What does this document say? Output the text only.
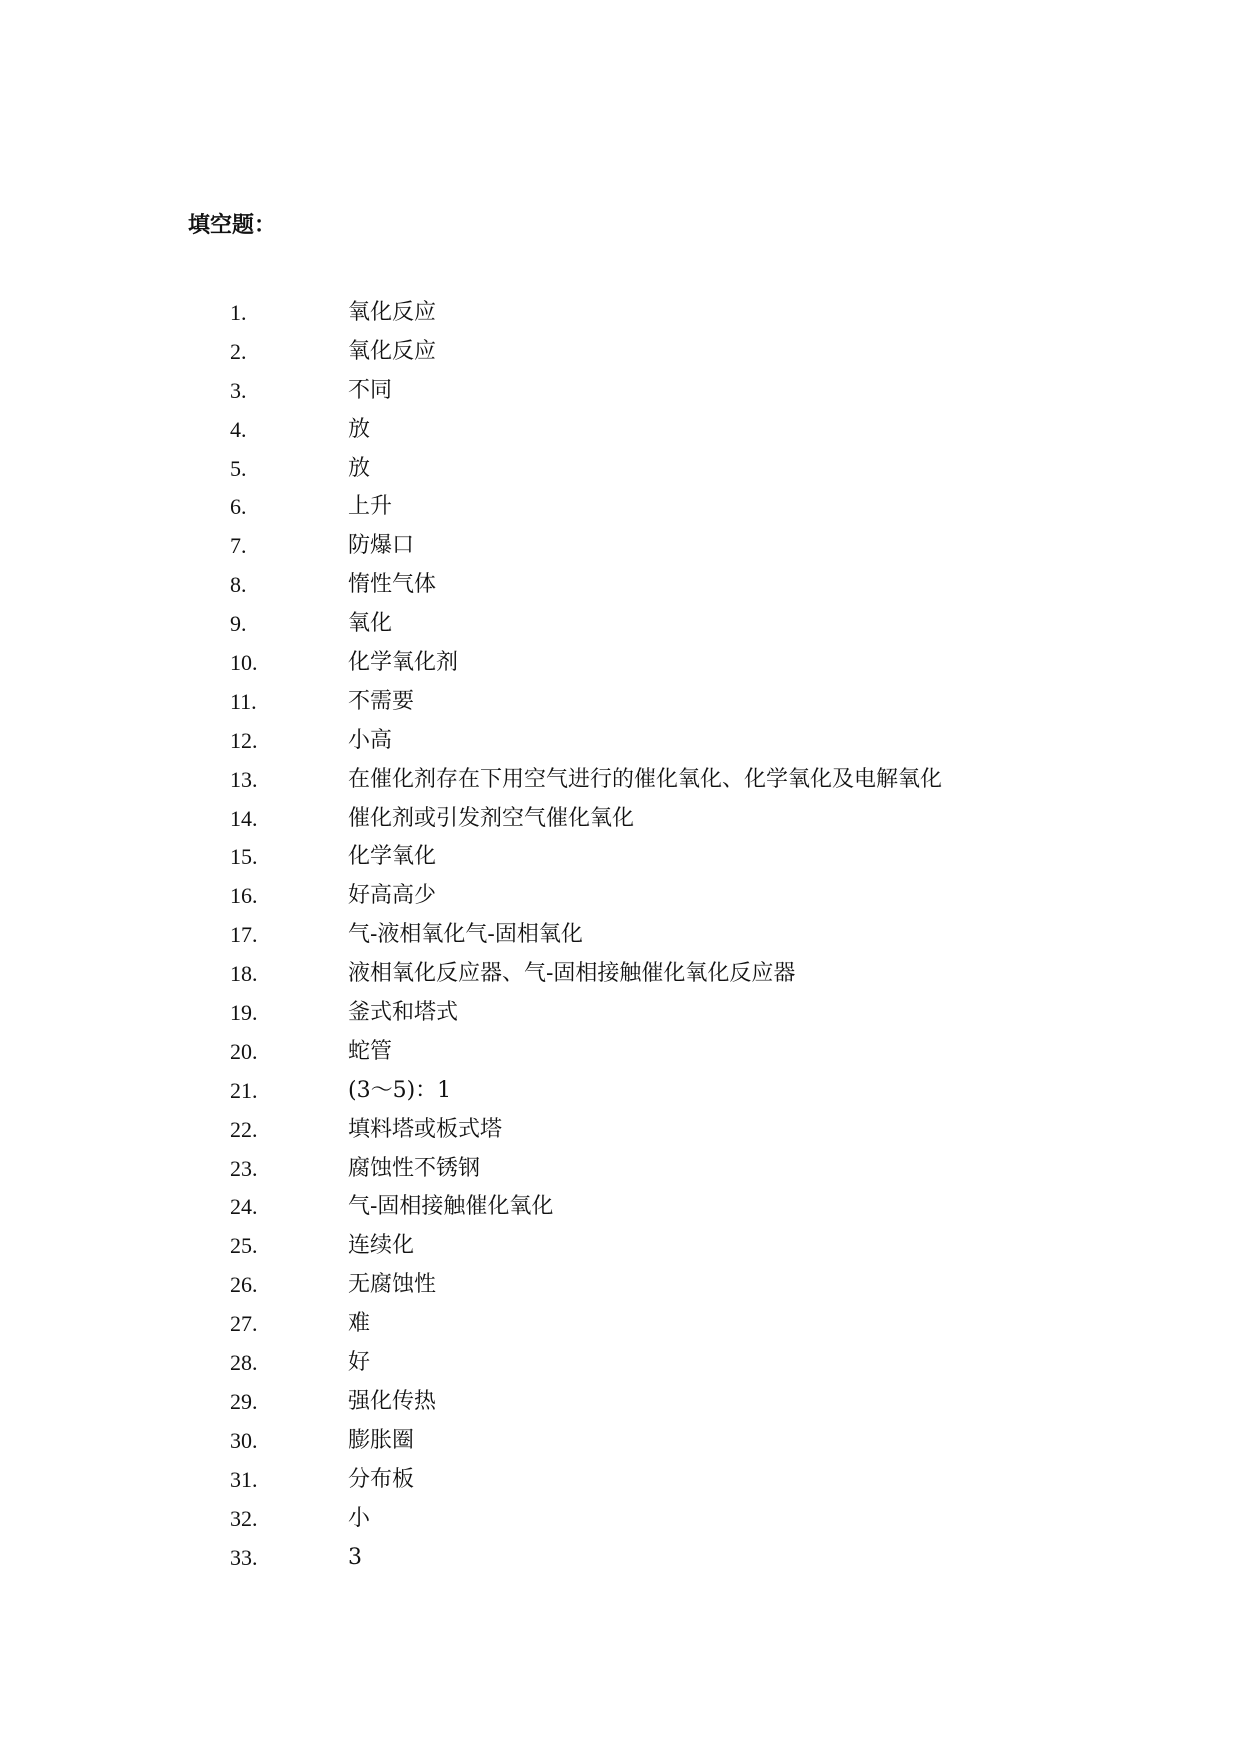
填空题：
1.	氧化反应
2.	氧化反应
3.	不同
4.	放
5.	放
6.	上升
7.	防爆口
8.	惰性气体
9.	氧化
10.	化学氧化剂
11.	不需要
12.	小高
13.	在催化剂存在下用空气进行的催化氧化、化学氧化及电解氧化
14.	催化剂或引发剂空气催化氧化
15.	化学氧化
16.	好高高少
17.	气-液相氧化气-固相氧化
18.	液相氧化反应器、气-固相接触催化氧化反应器
19.	釜式和塔式
20.	蛇管
21.	(3～5)：1
22.	填料塔或板式塔
23.	腐蚀性不锈钢
24.	气-固相接触催化氧化
25.	连续化
26.	无腐蚀性
27.	难
28.	好
29.	强化传热
30.	膨胀圈
31.	分布板
32.	小
33.	3
